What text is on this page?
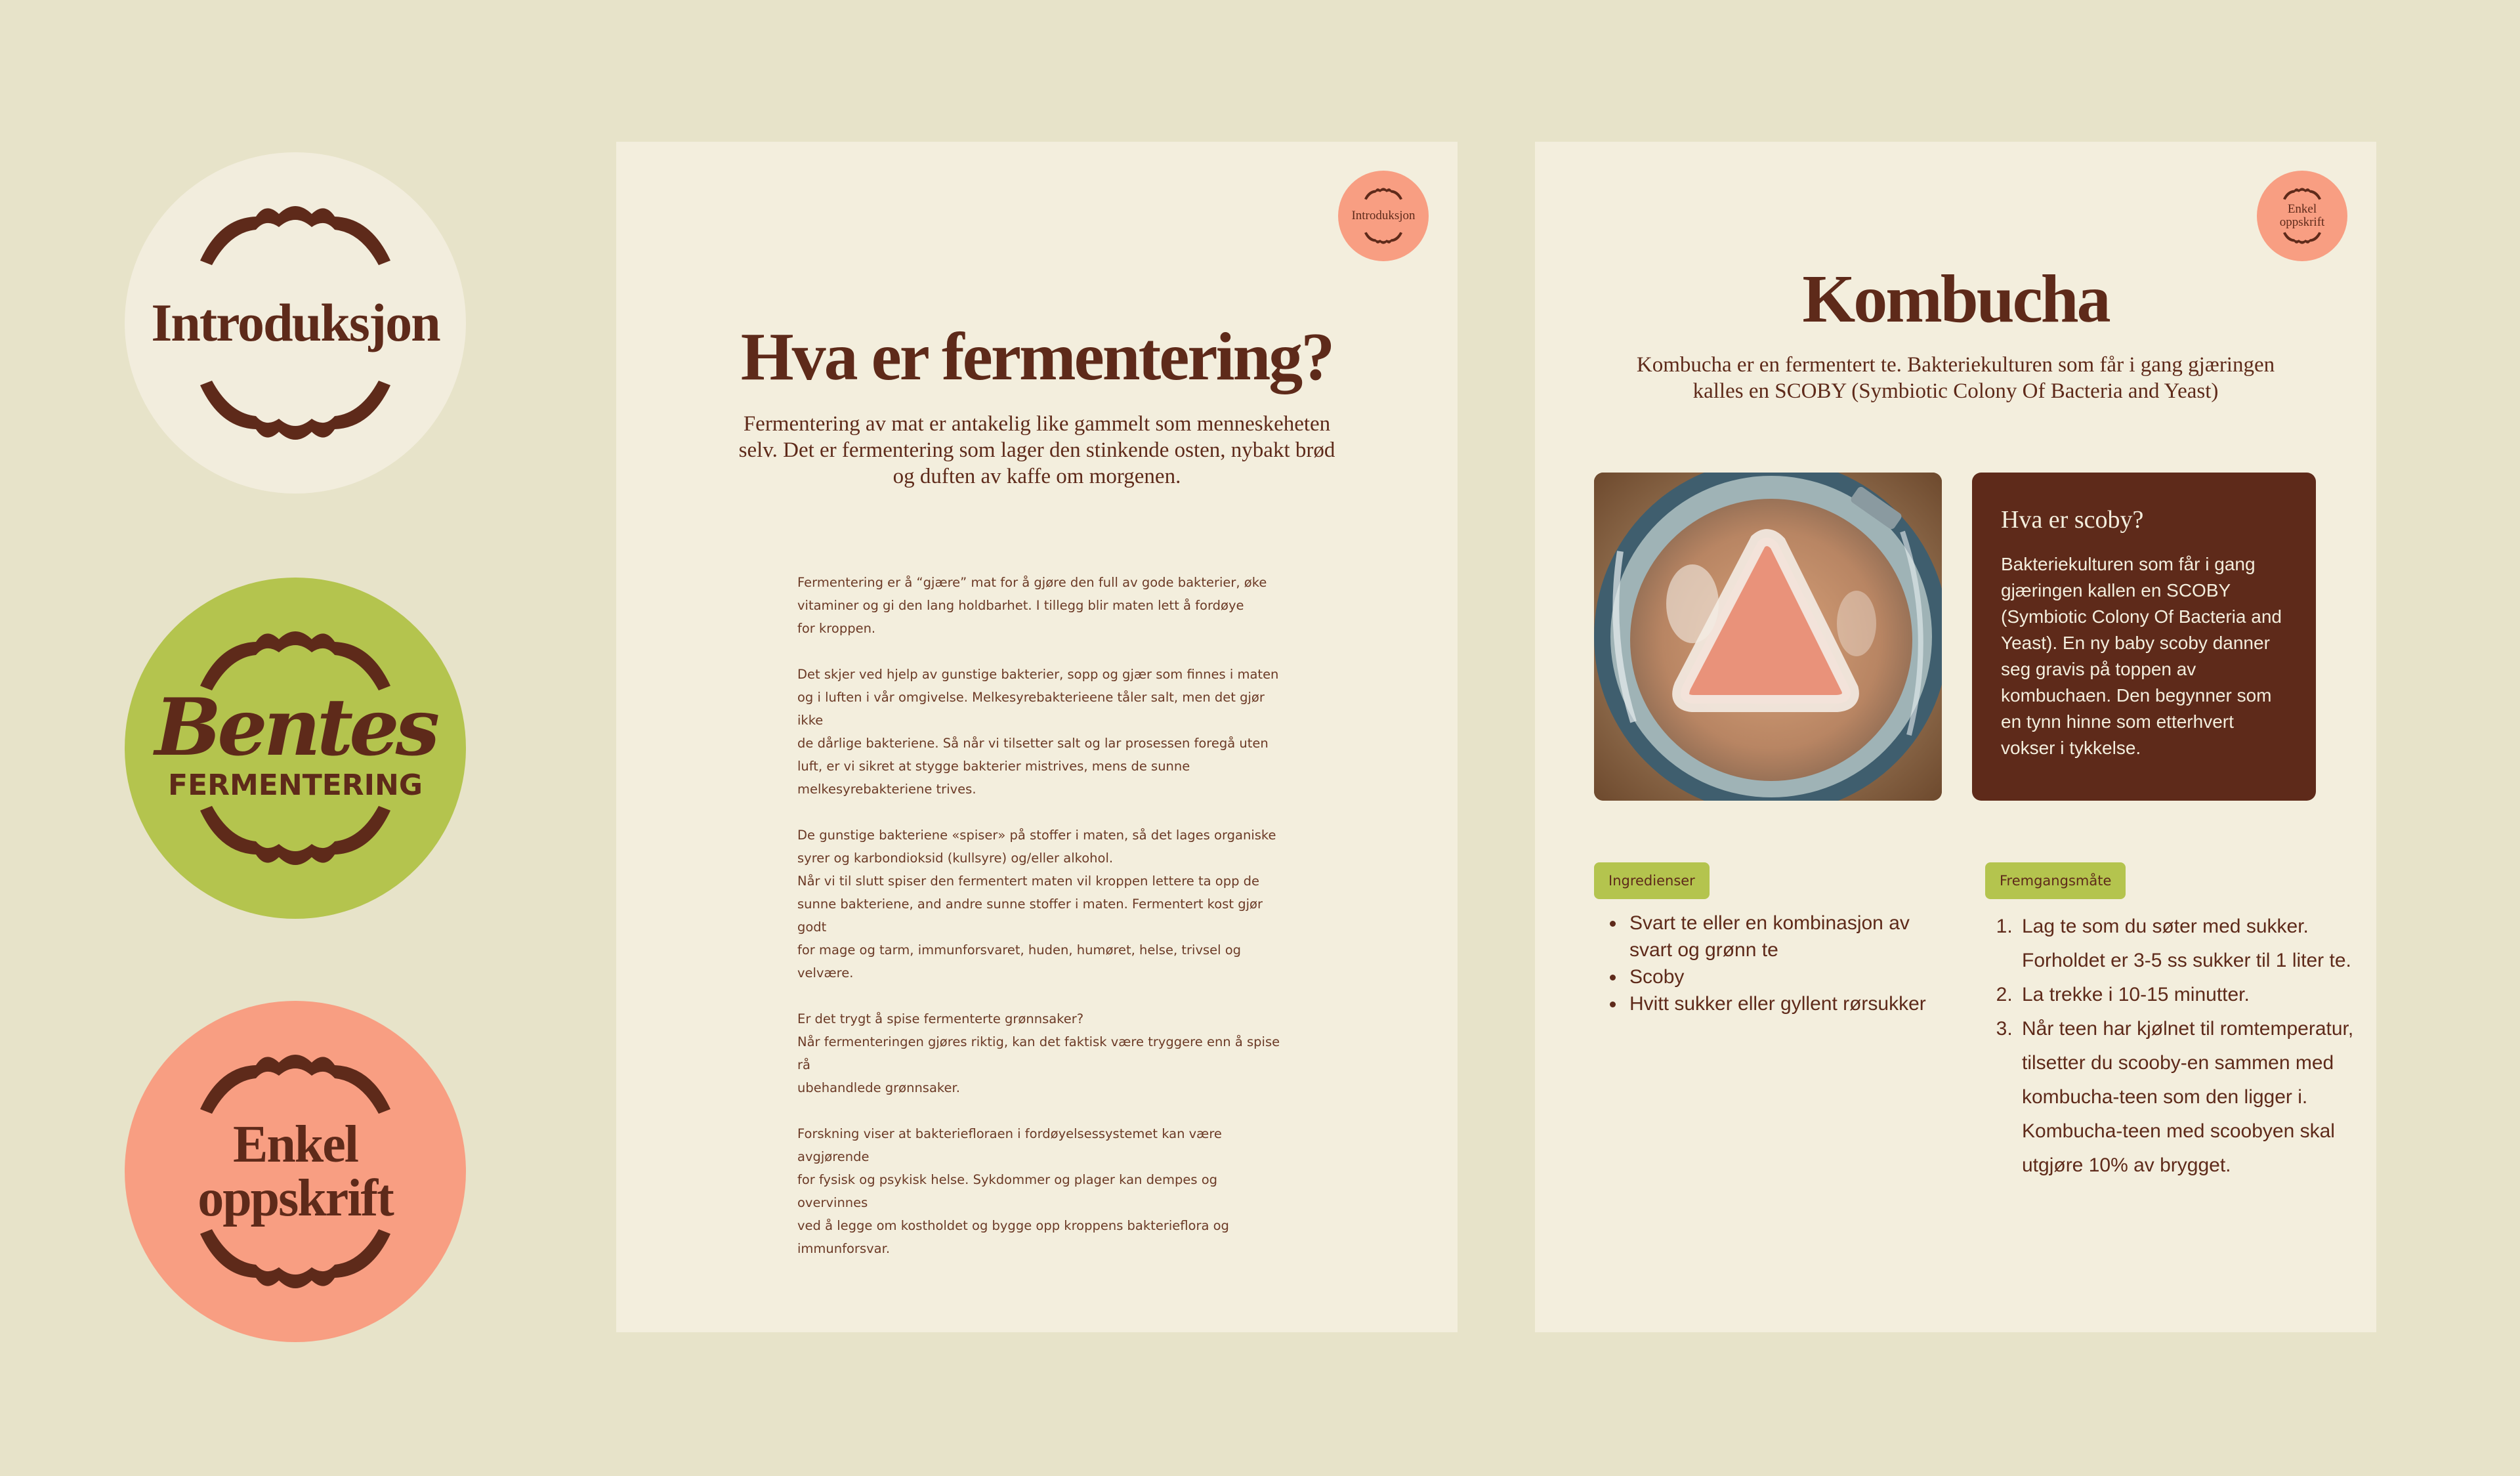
Introduksjon
Bentes
FERMENTERING
Enkel
oppskrift
Introduksjon
Hva er fermentering?
Fermentering av mat er antakelig like gammelt som menneskeheten selv. Det er fermentering som lager den stinkende osten, nybakt brød og duften av kaffe om morgenen.

Fermentering er å “gjære” mat for å gjøre den full av gode bakterier, øke
vitaminer og gi den lang holdbarhet. I tillegg blir maten lett å fordøye
for kroppen.

Det skjer ved hjelp av gunstige bakterier, sopp og gjær som finnes i maten
og i luften i vår omgivelse. Melkesyrebakterieene tåler salt, men det gjør ikke
de dårlige bakteriene. Så når vi tilsetter salt og lar prosessen foregå uten
luft, er vi sikret at stygge bakterier mistrives, mens de sunne
melkesyrebakteriene trives.

De gunstige bakteriene «spiser» på stoffer i maten, så det lages organiske
syrer og karbondioksid (kullsyre) og/eller alkohol.
Når vi til slutt spiser den fermentert maten vil kroppen lettere ta opp de
sunne bakteriene, and andre sunne stoffer i maten. Fermentert kost gjør godt
for mage og tarm, immunforsvaret, huden, humøret, helse, trivsel og velvære.

Er det trygt å spise fermenterte grønnsaker?
Når fermenteringen gjøres riktig, kan det faktisk være tryggere enn å spise rå
ubehandlede grønnsaker.

Forskning viser at bakteriefloraen i fordøyelsessystemet kan være avgjørende
for fysisk og psykisk helse. Sykdommer og plager kan dempes og overvinnes
ved å legge om kostholdet og bygge opp kroppens bakterieflora og
immunforsvar.

Enkel
oppskrift
Kombucha
Kombucha er en fermentert te. Bakteriekulturen som får i gang gjæringen kalles en SCOBY (Symbiotic Colony Of Bacteria and Yeast)
Hva er scoby?

Bakteriekulturen som får i gang gjæringen kallen en SCOBY (Symbiotic Colony Of Bacteria and Yeast). En ny baby scoby danner seg gravis på toppen av kombuchaen. Den begynner som en tynn hinne som etterhvert vokser i tykkelse.

Ingredienser	Fremgangsmåte
• Svart te eller en kombinasjon av svart og grønn te
• Scoby
• Hvitt sukker eller gyllent rørsukker
1. Lag te som du søter med sukker. Forholdet er 3-5 ss sukker til 1 liter te.
2. La trekke i 10-15 minutter.
3. Når teen har kjølnet til romtemperatur, tilsetter du scooby-en sammen med kombucha-teen som den ligger i. Kombucha-teen med scoobyen skal utgjøre 10% av brygget.
